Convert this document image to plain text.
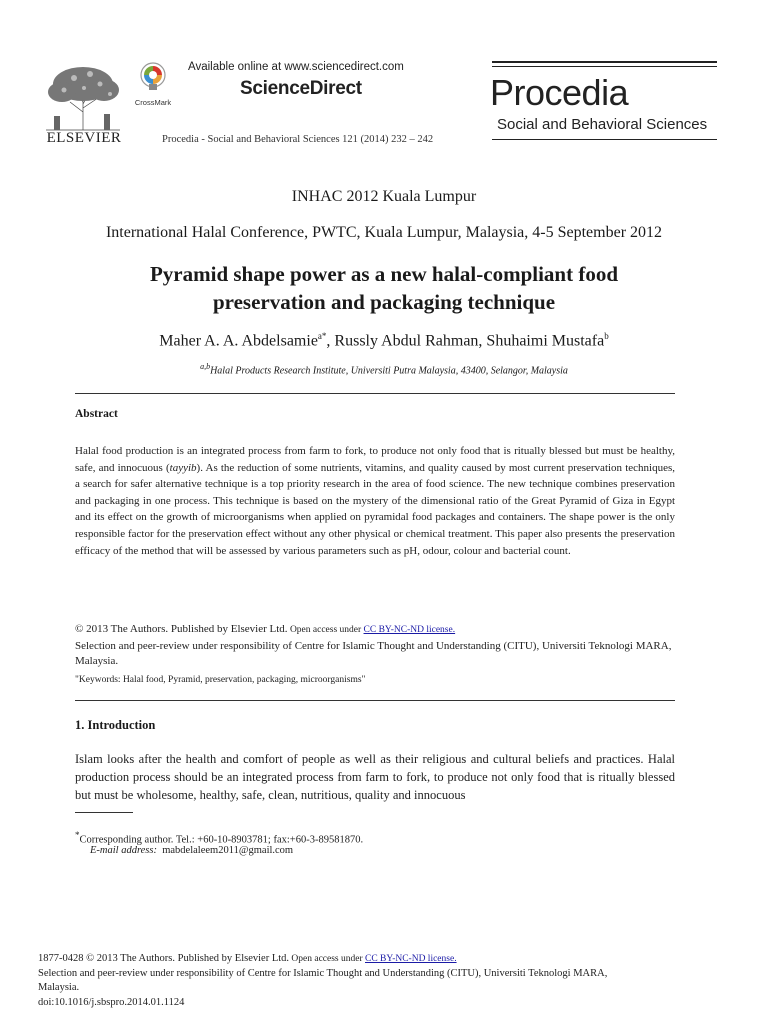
ELSEVIER
CrossMark
Available online at www.sciencedirect.com
ScienceDirect
Procedia - Social and Behavioral Sciences 121 (2014) 232 – 242
Procedia
Social and Behavioral Sciences
INHAC 2012 Kuala Lumpur
International Halal Conference, PWTC, Kuala Lumpur, Malaysia, 4-5 September 2012
Pyramid shape power as a new halal-compliant food
preservation and packaging technique
Maher A. A. Abdelsamie$^{a*}$, Russly Abdul Rahman, Shuhaimi Mustafa$^b$
$^{a,b}$Halal Products Research Institute, Universiti Putra Malaysia, 43400, Selangor, Malaysia
Abstract
Halal food production is an integrated process from farm to fork, to produce not only food that is ritually blessed but must be healthy, safe, and innocuous (tayyib). As the reduction of some nutrients, vitamins, and quality caused by most current preservation techniques, a search for safer alternative technique is a top priority research in the area of food science. The new technique combines preservation and packaging in one process. This technique is based on the mystery of the dimensional ratio of the Great Pyramid of Giza in Egypt and its effect on the growth of microorganisms when applied on pyramidal food packages and containers. The shape power is the only responsible factor for the preservation effect without any other physical or chemical treatment. This paper also presents the preservation efficacy of the method that will be assessed by various parameters such as pH, odour, colour and bacterial count.
© 2013 The Authors. Published by Elsevier Ltd. Open access under CC BY-NC-ND license.
Selection and peer-review under responsibility of Centre for Islamic Thought and Understanding (CITU), Universiti Teknologi MARA, Malaysia.
"Keywords: Halal food, Pyramid, preservation, packaging, microorganisms"
1. Introduction
Islam looks after the health and comfort of people as well as their religious and cultural beliefs and practices. Halal production process should be an integrated process from farm to fork, to produce not only food that is ritually blessed but must be wholesome, healthy, safe, clean, nutritious, quality and innocuous
*Corresponding author. Tel.: +60-10-8903781; fax:+60-3-89581870.
E-mail address: mabdelaleem2011@gmail.com
1877-0428 © 2013 The Authors. Published by Elsevier Ltd. Open access under CC BY-NC-ND license.
Selection and peer-review under responsibility of Centre for Islamic Thought and Understanding (CITU), Universiti Teknologi MARA, Malaysia.
doi:10.1016/j.sbspro.2014.01.1124
